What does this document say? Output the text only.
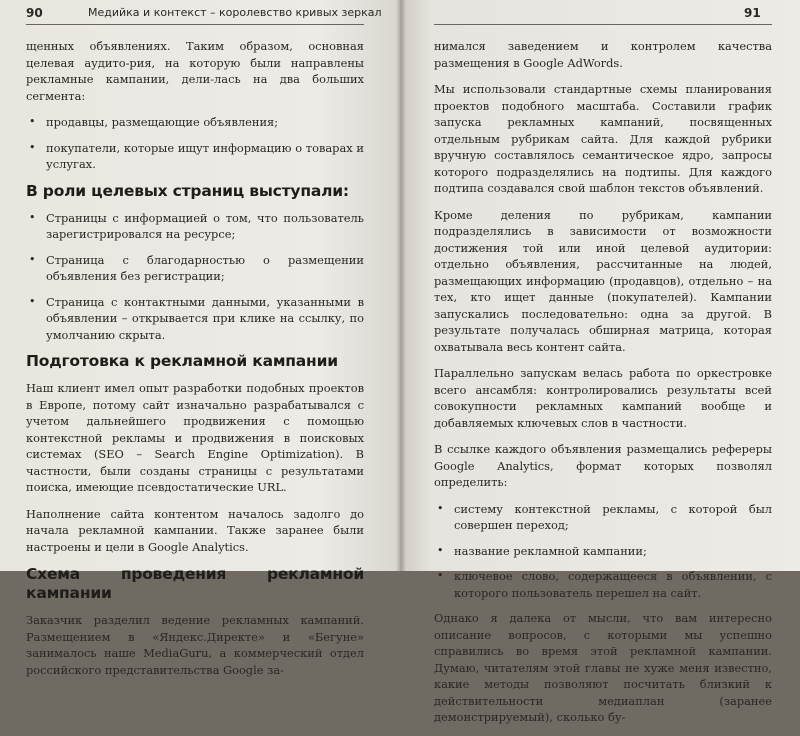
90	Медийка и контекст – королевство кривых зеркал

щенных объявлениях. Таким образом, основная целевая аудито-рия, на которую были направлены рекламные кампании, дели-лась на два больших сегмента:

• продавцы, размещающие объявления;
• покупатели, которые ищут информацию о товарах и услугах.
В роли целевых страниц выступали:
• Страницы с информацией о том, что пользователь зарегистрировался на ресурсе;
• Страница с благодарностью о размещении объявления без регистрации;
• Страница с контактными данными, указанными в объявлении – открывается при клике на ссылку, по умолчанию скрыта.
Подготовка к рекламной кампании

Наш клиент имел опыт разработки подобных проектов в Европе, потому сайт изначально разрабатывался с учетом дальнейшего продвижения с помощью контекстной рекламы и продвижения в поисковых системах (SEO – Search Engine Optimization). В частности, были созданы страницы с результатами поиска, имеющие псевдостатические URL.

Наполнение сайта контентом началось задолго до начала рекламной кампании. Также заранее были настроены и цели в Google Analytics.

Схема проведения рекламной кампании

Заказчик разделил ведение рекламных кампаний. Размещением в «Яндекс.Директе» и «Бегуне» занималось наше MediaGuru, а коммерческий отдел российского представительства Google за-

91

нимался заведением и контролем качества размещения в Google AdWords.

Мы использовали стандартные схемы планирования проектов подобного масштаба. Составили график запуска рекламных кампаний, посвященных отдельным рубрикам сайта. Для каждой рубрики вручную составлялось семантическое ядро, запросы которого подразделялись на подтипы. Для каждого подтипа создавался свой шаблон текстов объявлений.

Кроме деления по рубрикам, кампании подразделялись в зависимости от возможности достижения той или иной целевой аудитории: отдельно объявления, рассчитанные на людей, размещающих информацию (продавцов), отдельно – на тех, кто ищет данные (покупателей). Кампании запускались последовательно: одна за другой. В результате получалась обширная матрица, которая охватывала весь контент сайта.

Параллельно запускам велась работа по оркестровке всего ансамбля: контролировались результаты всей совокупности рекламных кампаний вообще и добавляемых ключевых слов в частности.

В ссылке каждого объявления размещались рефереры Google Analytics, формат которых позволял определить:

• систему контекстной рекламы, с которой был совершен переход;
• название рекламной кампании;
• ключевое слово, содержащееся в объявлении, с которого пользователь перешел на сайт.

Однако я далека от мысли, что вам интересно описание вопросов, с которыми мы успешно справились во время этой рекламной кампании. Думаю, читателям этой главы не хуже меня известно, какие методы позволяют посчитать близкий к действительности медиаплан (заранее демонстрируемый), сколько бу-
